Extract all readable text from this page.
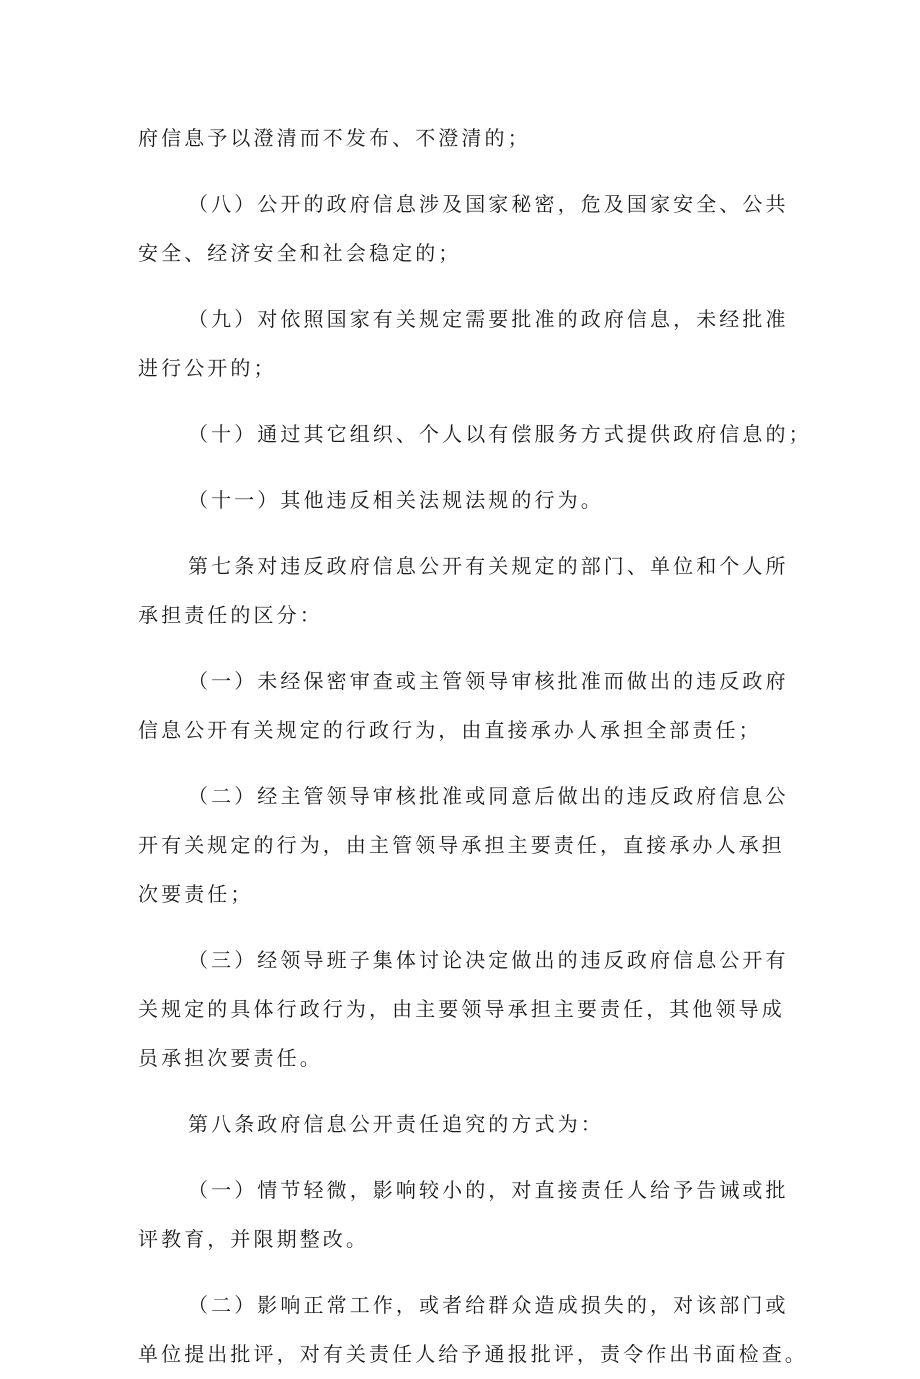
府信息予以澄清而不发布、不澄清的；
（八）公开的政府信息涉及国家秘密，危及国家安全、公共
安全、经济安全和社会稳定的；
（九）对依照国家有关规定需要批准的政府信息，未经批准
进行公开的；
（十）通过其它组织、个人以有偿服务方式提供政府信息的；
（十一）其他违反相关法规法规的行为。
第七条对违反政府信息公开有关规定的部门、单位和个人所
承担责任的区分：
（一）未经保密审查或主管领导审核批准而做出的违反政府
信息公开有关规定的行政行为，由直接承办人承担全部责任；
（二）经主管领导审核批准或同意后做出的违反政府信息公
开有关规定的行为，由主管领导承担主要责任，直接承办人承担
次要责任；
（三）经领导班子集体讨论决定做出的违反政府信息公开有
关规定的具体行政行为，由主要领导承担主要责任，其他领导成
员承担次要责任。
第八条政府信息公开责任追究的方式为：
（一）情节轻微，影响较小的，对直接责任人给予告诫或批
评教育，并限期整改。
（二）影响正常工作，或者给群众造成损失的，对该部门或
单位提出批评，对有关责任人给予通报批评，责令作出书面检查。
